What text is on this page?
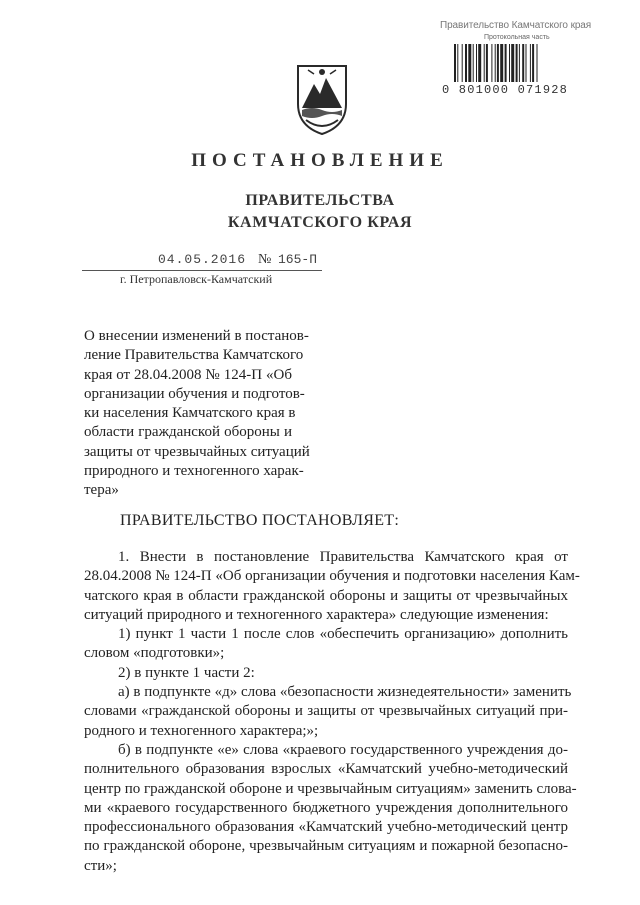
Правительство Камчатского края
Протокольная часть
0 801000 071928
ПОСТАНОВЛЕНИЕ
ПРАВИТЕЛЬСТВА
КАМЧАТСКОГО КРАЯ
04.05.2016 № 165-П
г. Петропавловск-Камчатский
О внесении изменений в постанов-
ление Правительства Камчатского
края от 28.04.2008 № 124-П «Об
организации обучения и подготов-
ки населения Камчатского края в
области гражданской обороны и
защиты от чрезвычайных ситуаций
природного и техногенного харак-
тера»
ПРАВИТЕЛЬСТВО ПОСТАНОВЛЯЕТ:
1. Внести в постановление Правительства Камчатского края от
28.04.2008 № 124-П «Об организации обучения и подготовки населения Кам-
чатского края в области гражданской обороны и защиты от чрезвычайных
ситуаций природного и техногенного характера» следующие изменения:
1) пункт 1 части 1 после слов «обеспечить организацию» дополнить
словом «подготовки»;
2) в пункте 1 части 2:
а) в подпункте «д» слова «безопасности жизнедеятельности» заменить
словами «гражданской обороны и защиты от чрезвычайных ситуаций при-
родного и техногенного характера;»;
б) в подпункте «е» слова «краевого государственного учреждения до-
полнительного образования взрослых «Камчатский учебно-методический
центр по гражданской обороне и чрезвычайным ситуациям» заменить слова-
ми «краевого государственного бюджетного учреждения дополнительного
профессионального образования «Камчатский учебно-методический центр
по гражданской обороне, чрезвычайным ситуациям и пожарной безопасно-
сти»;
